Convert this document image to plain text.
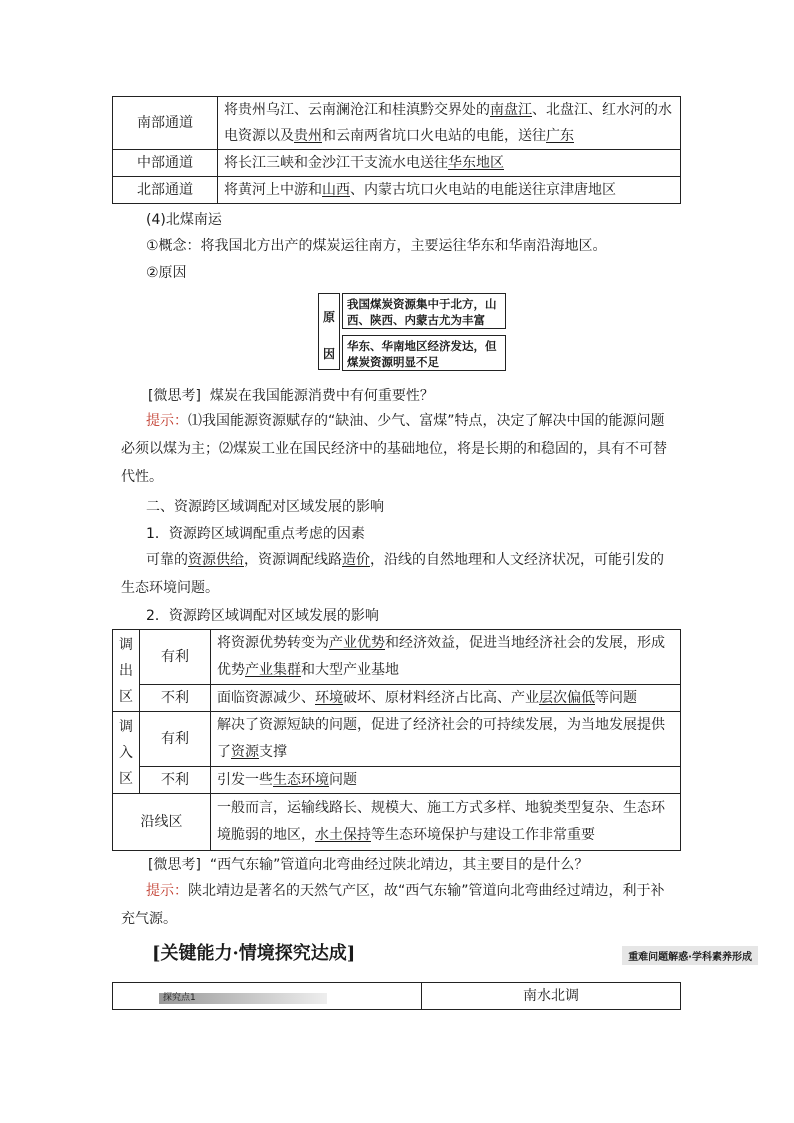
南部通道	将贵州乌江、云南澜沧江和桂滇黔交界处的南盘江、北盘江、红水河的水电资源以及贵州和云南两省坑口火电站的电能，送往广东
中部通道	将长江三峡和金沙江干支流水电送往华东地区
北部通道	将黄河上中游和山西、内蒙古坑口火电站的电能送往京津唐地区
(4)北煤南运
①概念：将我国北方出产的煤炭运往南方，主要运往华东和华南沿海地区。
②原因
原
因
我国煤炭资源集中于北方，山西、陕西、内蒙古尤为丰富
华东、华南地区经济发达，但煤炭资源明显不足
[微思考] 煤炭在我国能源消费中有何重要性？
提示：⑴我国能源资源赋存的“缺油、少气、富煤”特点，决定了解决中国的能源问题必须以煤为主；⑵煤炭工业在国民经济中的基础地位，将是长期的和稳固的，具有不可替代性。
二、资源跨区域调配对区域发展的影响
1．资源跨区域调配重点考虑的因素
可靠的资源供给，资源调配线路造价，沿线的自然地理和人文经济状况，可能引发的生态环境问题。
2．资源跨区域调配对区域发展的影响
调出区	有利	将资源优势转变为产业优势和经济效益，促进当地经济社会的发展，形成优势产业集群和大型产业基地
	不利	面临资源减少、环境破坏、原材料经济占比高、产业层次偏低等问题

调入区	有利	解决了资源短缺的问题，促进了经济社会的可持续发展，为当地发展提供了资源支撑
	不利	引发一些生态环境问题
沿线区		一般而言，运输线路长、规模大、施工方式多样、地貌类型复杂、生态环境脆弱的地区，水土保持等生态环境保护与建设工作非常重要
[微思考] “西气东输”管道向北弯曲经过陕北靖边，其主要目的是什么？
提示：陕北靖边是著名的天然气产区，故“西气东输”管道向北弯曲经过靖边，利于补充气源。
[关键能力·情境探究达成]	重难问题解惑·学科素养形成
探究点1	南水北调
